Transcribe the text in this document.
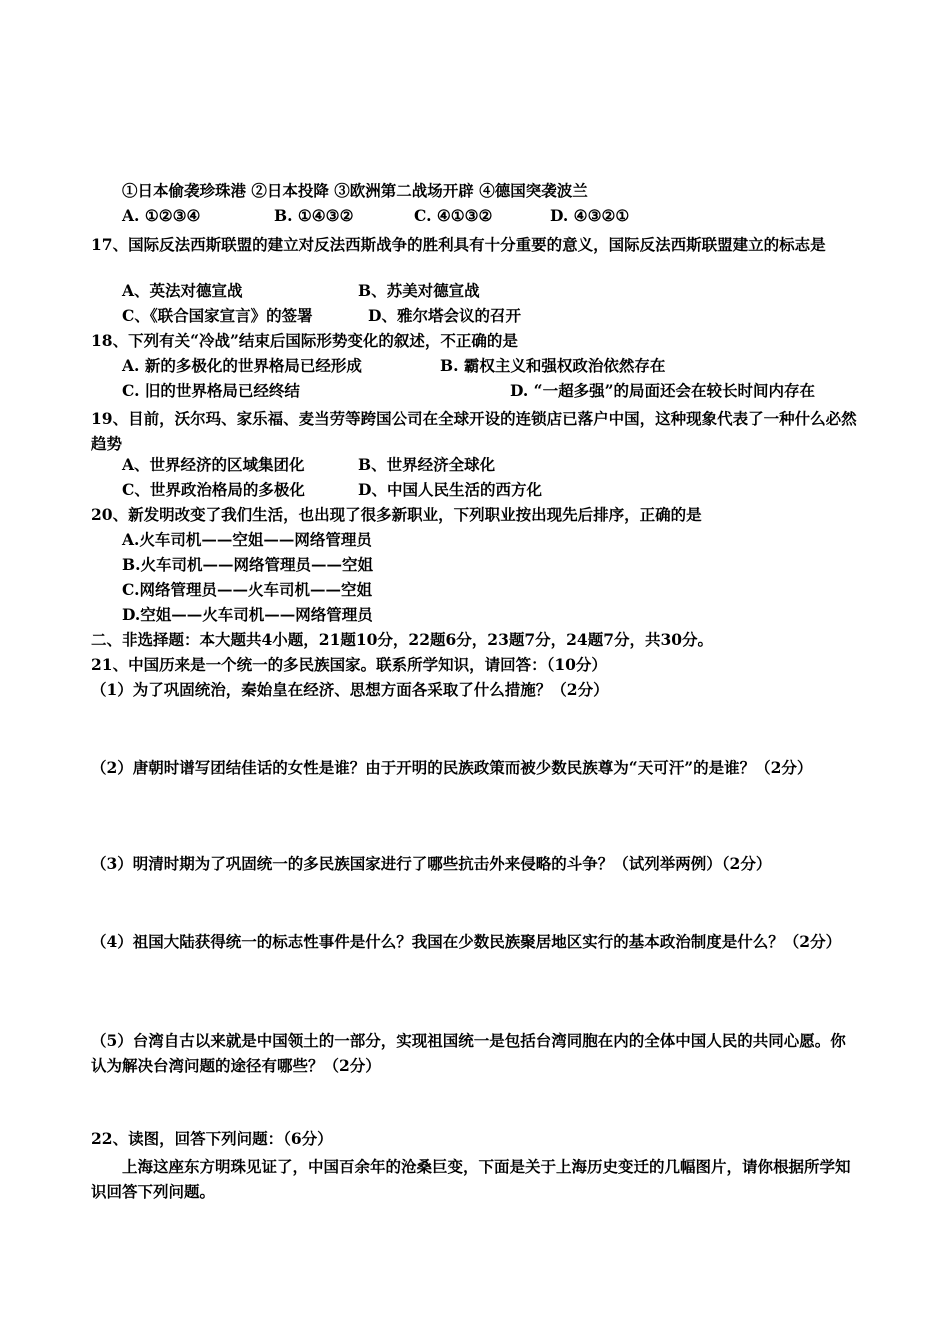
①日本偷袭珍珠港 ②日本投降 ③欧洲第二战场开辟 ④德国突袭波兰
A. ①②③④	B. ①④③②	C. ④①③②	D. ④③②①
17、国际反法西斯联盟的建立对反法西斯战争的胜利具有十分重要的意义，国际反法西斯联盟建立的标志是
A、英法对德宣战	B、苏美对德宣战
C、《联合国家宣言》的签署	D、雅尔塔会议的召开
18、下列有关“冷战”结束后国际形势变化的叙述，不正确的是
A. 新的多极化的世界格局已经形成	B. 霸权主义和强权政治依然存在
C. 旧的世界格局已经终结	D. “一超多强”的局面还会在较长时间内存在
19、目前，沃尔玛、家乐福、麦当劳等跨国公司在全球开设的连锁店已落户中国，这种现象代表了一种什么必然趋势
A、世界经济的区域集团化	B、世界经济全球化
C、世界政治格局的多极化	D、中国人民生活的西方化
20、新发明改变了我们生活，也出现了很多新职业，下列职业按出现先后排序，正确的是
A.火车司机——空姐——网络管理员
B.火车司机——网络管理员——空姐
C.网络管理员——火车司机——空姐
D.空姐——火车司机——网络管理员
二、非选择题：本大题共4小题，21题10分，22题6分，23题7分，24题7分，共30分。
21、中国历来是一个统一的多民族国家。联系所学知识，请回答：（10分）
（1）为了巩固统治，秦始皇在经济、思想方面各采取了什么措施？（2分）
（2）唐朝时谱写团结佳话的女性是谁？由于开明的民族政策而被少数民族尊为“天可汗”的是谁？（2分）
（3）明清时期为了巩固统一的多民族国家进行了哪些抗击外来侵略的斗争？（试列举两例）（2分）
（4）祖国大陆获得统一的标志性事件是什么？我国在少数民族聚居地区实行的基本政治制度是什么？（2分）
（5）台湾自古以来就是中国领土的一部分，实现祖国统一是包括台湾同胞在内的全体中国人民的共同心愿。你认为解决台湾问题的途径有哪些？（2分）
22、读图，回答下列问题：（6分）
上海这座东方明珠见证了，中国百余年的沧桑巨变，下面是关于上海历史变迁的几幅图片，请你根据所学知识回答下列问题。
